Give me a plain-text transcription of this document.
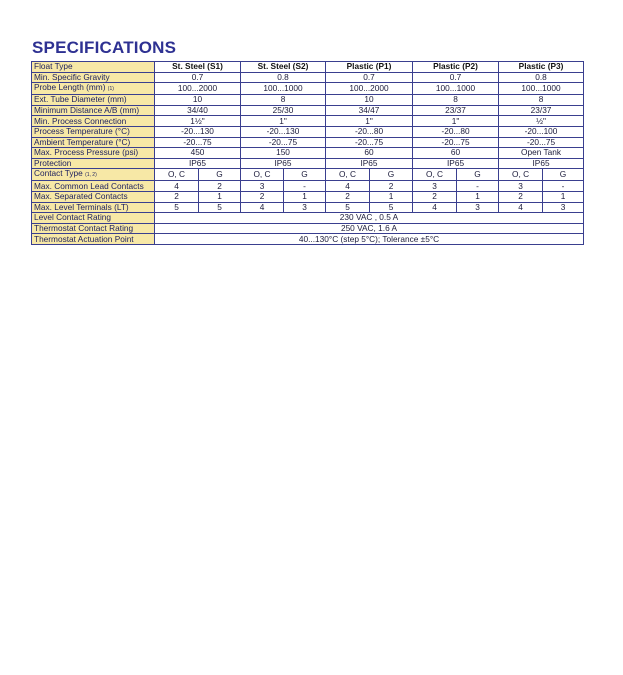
SPECIFICATIONS
Float Type	St. Steel (S1)		St. Steel (S2)		Plastic (P1)		Plastic (P2)		Plastic (P3)	
Min. Specific Gravity	0.7		0.8		0.7		0.7		0.8	
Probe Length (mm) (1)	100...2000		100...1000		100...2000		100...1000		100...1000	
Ext. Tube Diameter (mm)	10		8		10		8		8	
Minimum Distance A/B (mm)	34/40		25/30		34/47		23/37		23/37	
Min. Process Connection	1½"		1"		1"		1"		½"	
Process Temperature (°C)	-20...130		-20...130		-20...80		-20...80		-20...100	
Ambient Temperature (°C)	-20...75		-20...75		-20...75		-20...75		-20...75	
Max. Process Pressure (psi)	450		150		60		60		Open Tank	
Protection	IP65		IP65		IP65		IP65		IP65	
Contact Type (1, 2)	O, C	G	O, C	G	O, C	G	O, C	G	O, C	G
Max. Common Lead Contacts	4	2	3	-	4	2	3	-	3	-
Max. Separated Contacts	2	1	2	1	2	1	2	1	2	1
Max. Level Terminals (LT)	5	5	4	3	5	5	4	3	4	3
Level Contact Rating	230 VAC , 0.5 A									
Thermostat Contact Rating	250 VAC, 1.6 A									
Thermostat Actuation Point	40...130°C (step 5°C); Tolerance ±5°C									
